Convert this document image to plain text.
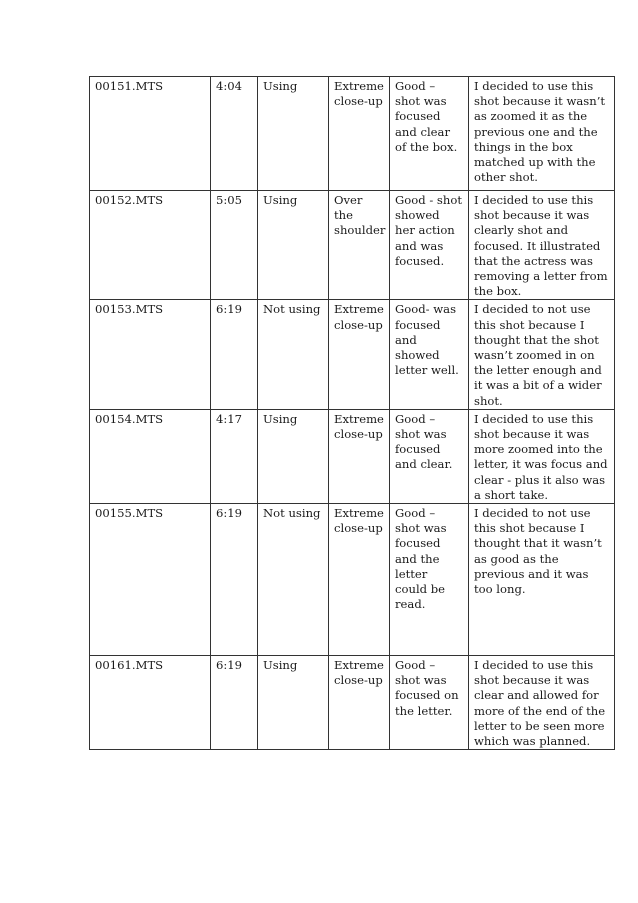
00151.MTS	4:04	Using	Extreme close-up	Good – shot was focused and clear of the box.	I decided to use this shot because it wasn’t as zoomed it as the previous one and the things in the box matched up with the other shot.
00152.MTS	5:05	Using	Over the shoulder	Good - shot showed her action and was focused.	I decided to use this shot because it was clearly shot and focused. It illustrated that the actress was removing a letter from the box.
00153.MTS	6:19	Not using	Extreme close-up	Good- was focused and showed letter well.	I decided to not use this shot because I thought that the shot wasn’t zoomed in on the letter enough and it was a bit of a wider shot.
00154.MTS	4:17	Using	Extreme close-up	Good – shot was focused and clear.	I decided to use this shot because it was more zoomed into the letter, it was focus and clear - plus it also was a short take.
00155.MTS	6:19	Not using	Extreme close-up	Good – shot was focused and the letter could be read.	I decided to not use this shot because I thought that it wasn’t as good as the previous and it was too long.
00161.MTS	6:19	Using	Extreme close-up	Good – shot was focused on the letter.	I decided to use this shot because it was clear and allowed for more of the end of the letter to be seen more which was planned.
